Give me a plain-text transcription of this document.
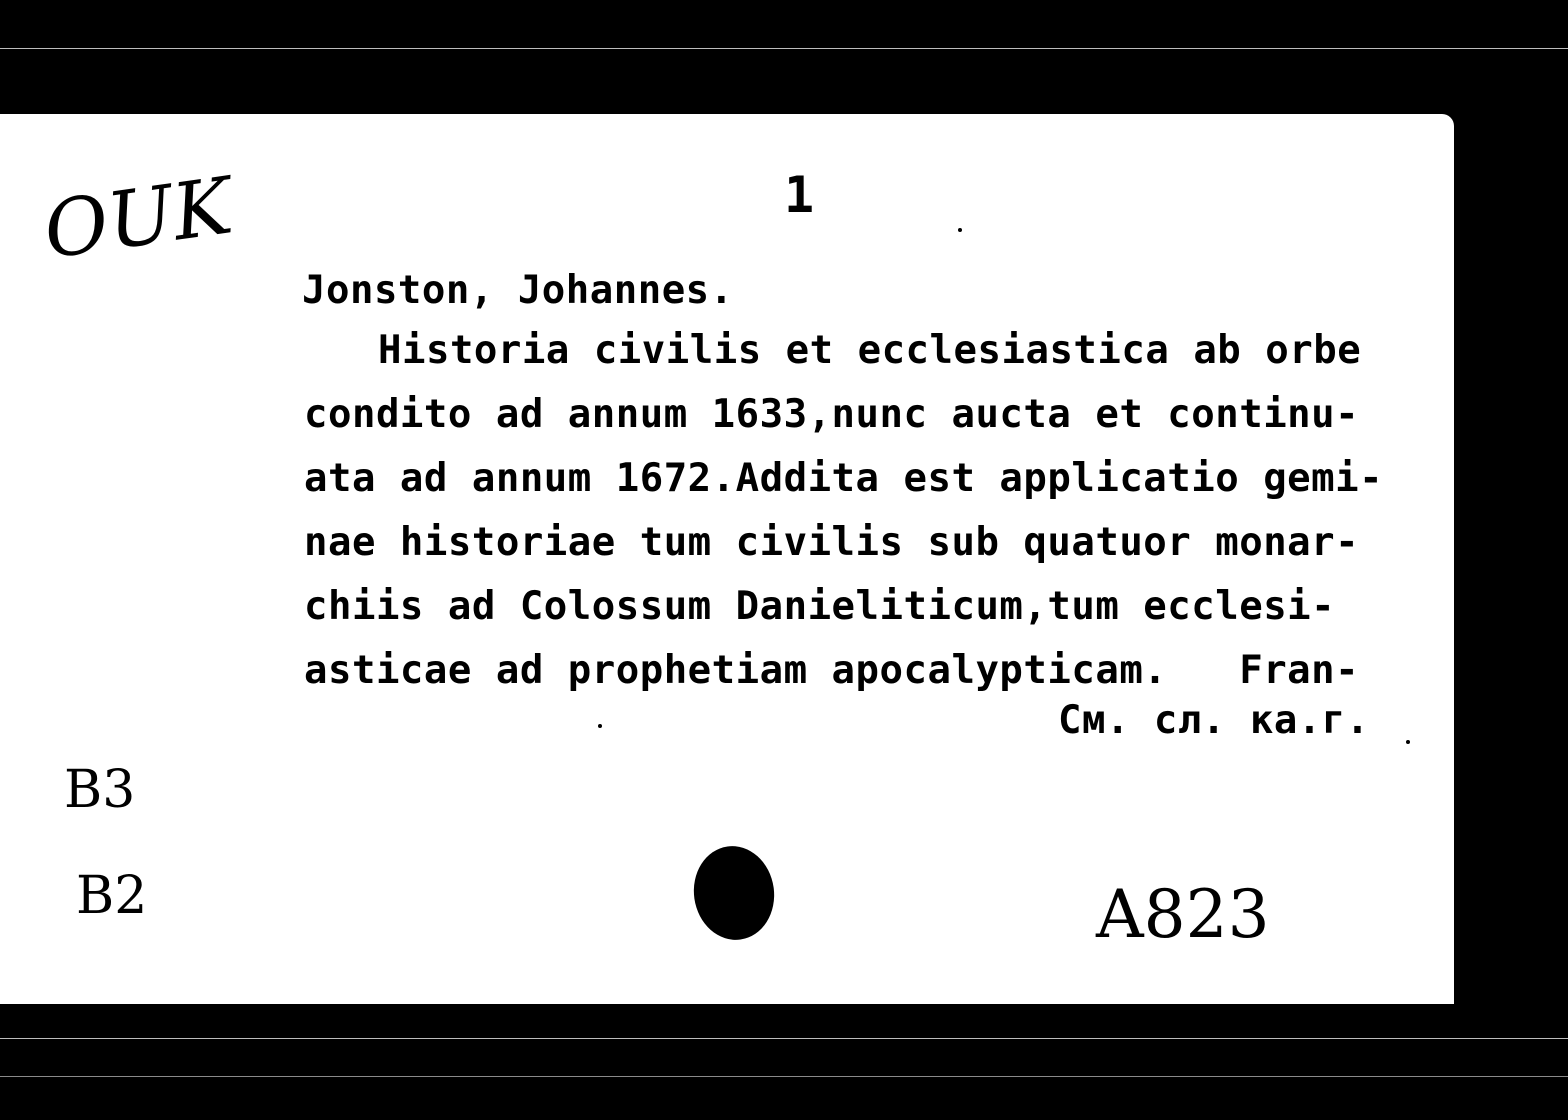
OUK	1
Jonston, Johannes.
Historia civilis et ecclesiastica ab orbe
condito ad annum 1633,nunc aucta et continu-
ata ad annum 1672.Addita est applicatio gemi-
nae historiae tum civilis sub quatuor monar-
chiis ad Colossum Danieliticum,tum ecclesi-
asticae ad prophetiam apocalypticam.   Fran-
См. сл. ка.г.
B3
B2	A823
